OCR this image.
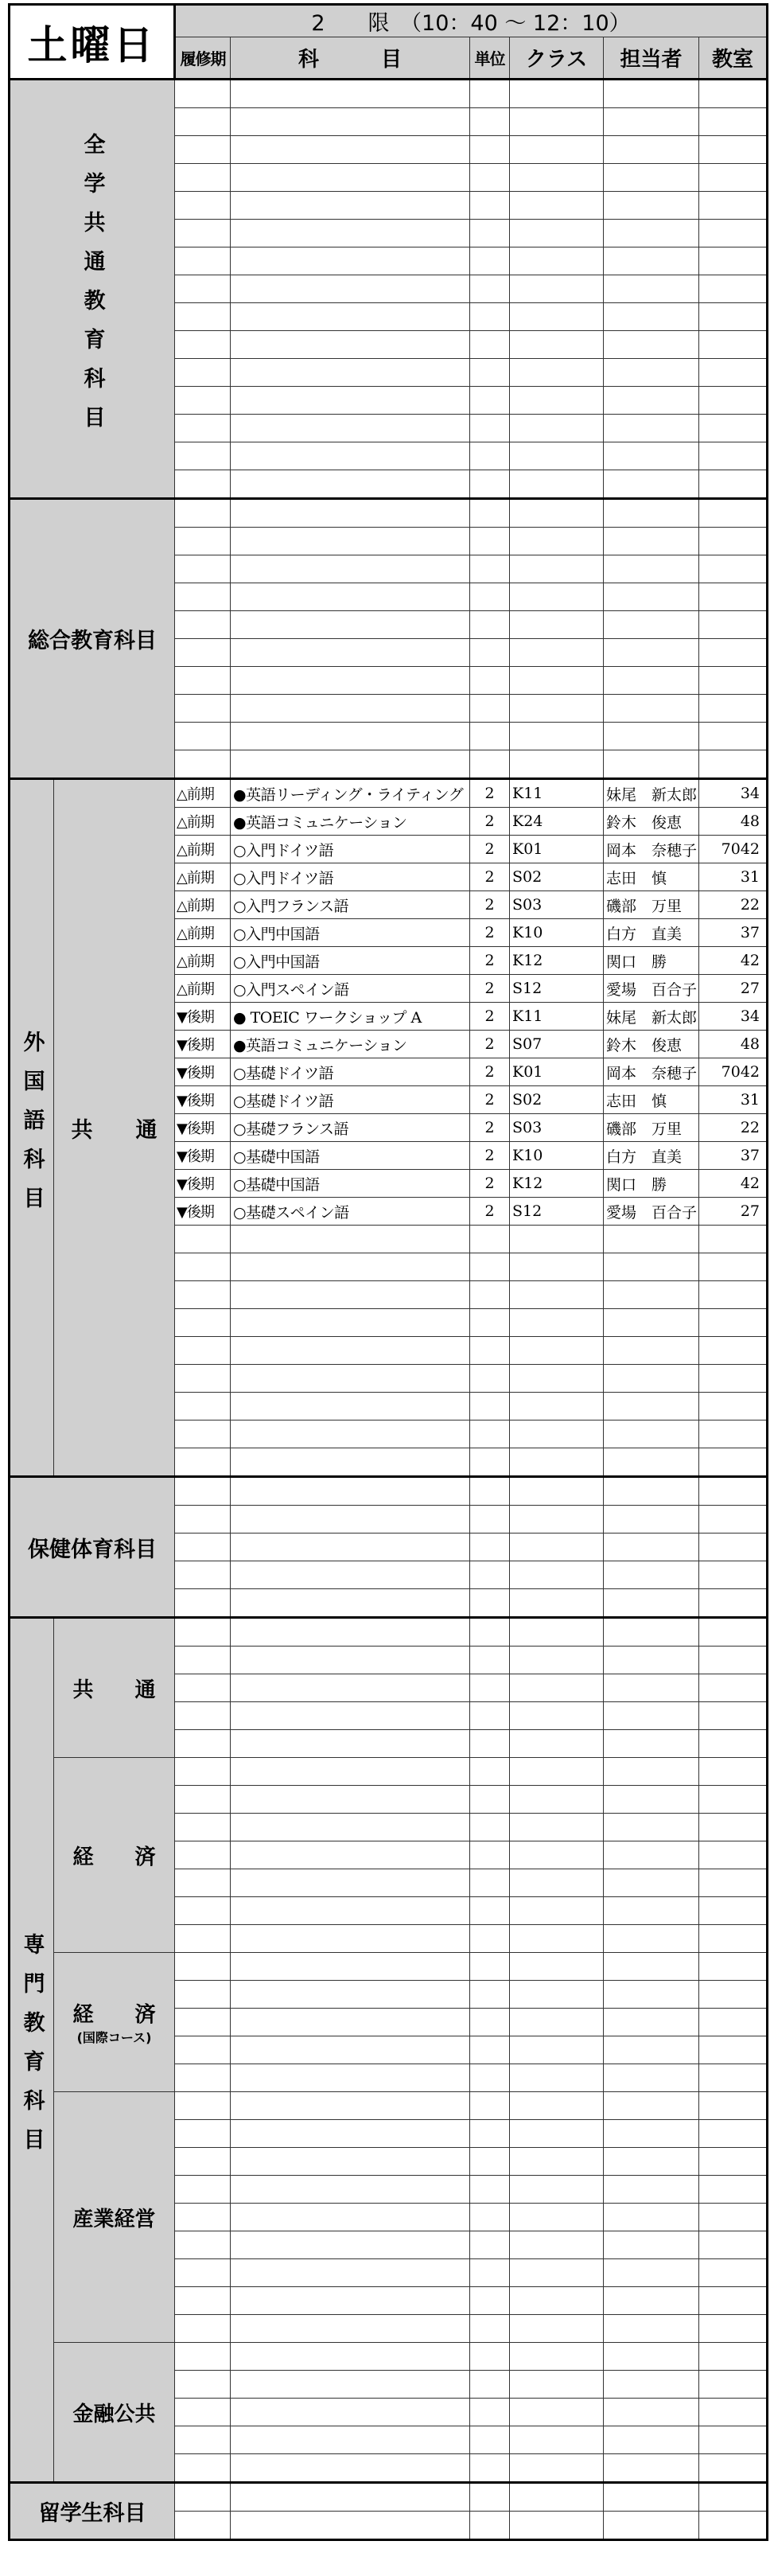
土曜日		2　　限　（10：40 ～ 12：10）					
		履修期	科　　　目	単位	クラス	担当者	教室

全学共通教育科目							

総合教育科目							

外国語科目	共　　通	△前期	●英語リーディング・ライティング	2	K11	妹尾　新太郎	34
		△前期	●英語コミュニケーション	2	K24	鈴木　俊恵	48
		△前期	○入門ドイツ語	2	K01	岡本　奈穂子	7042
		△前期	○入門ドイツ語	2	S02	志田　慎	31
		△前期	○入門フランス語	2	S03	磯部　万里	22
		△前期	○入門中国語	2	K10	白方　直美	37
		△前期	○入門中国語	2	K12	関口　勝	42
		△前期	○入門スペイン語	2	S12	愛場　百合子	27
		▼後期	● TOEIC ワークショップ A	2	K11	妹尾　新太郎	34
		▼後期	●英語コミュニケーション	2	S07	鈴木　俊恵	48
		▼後期	○基礎ドイツ語	2	K01	岡本　奈穂子	7042
		▼後期	○基礎ドイツ語	2	S02	志田　慎	31
		▼後期	○基礎フランス語	2	S03	磯部　万里	22
		▼後期	○基礎中国語	2	K10	白方　直美	37
		▼後期	○基礎中国語	2	K12	関口　勝	42
		▼後期	○基礎スペイン語	2	S12	愛場　百合子	27

保健体育科目							

専門教育科目	共　　通						

	経　　済						

	経　　済
(国際コース)						

	産業経営						

	金融公共						

留学生科目							
